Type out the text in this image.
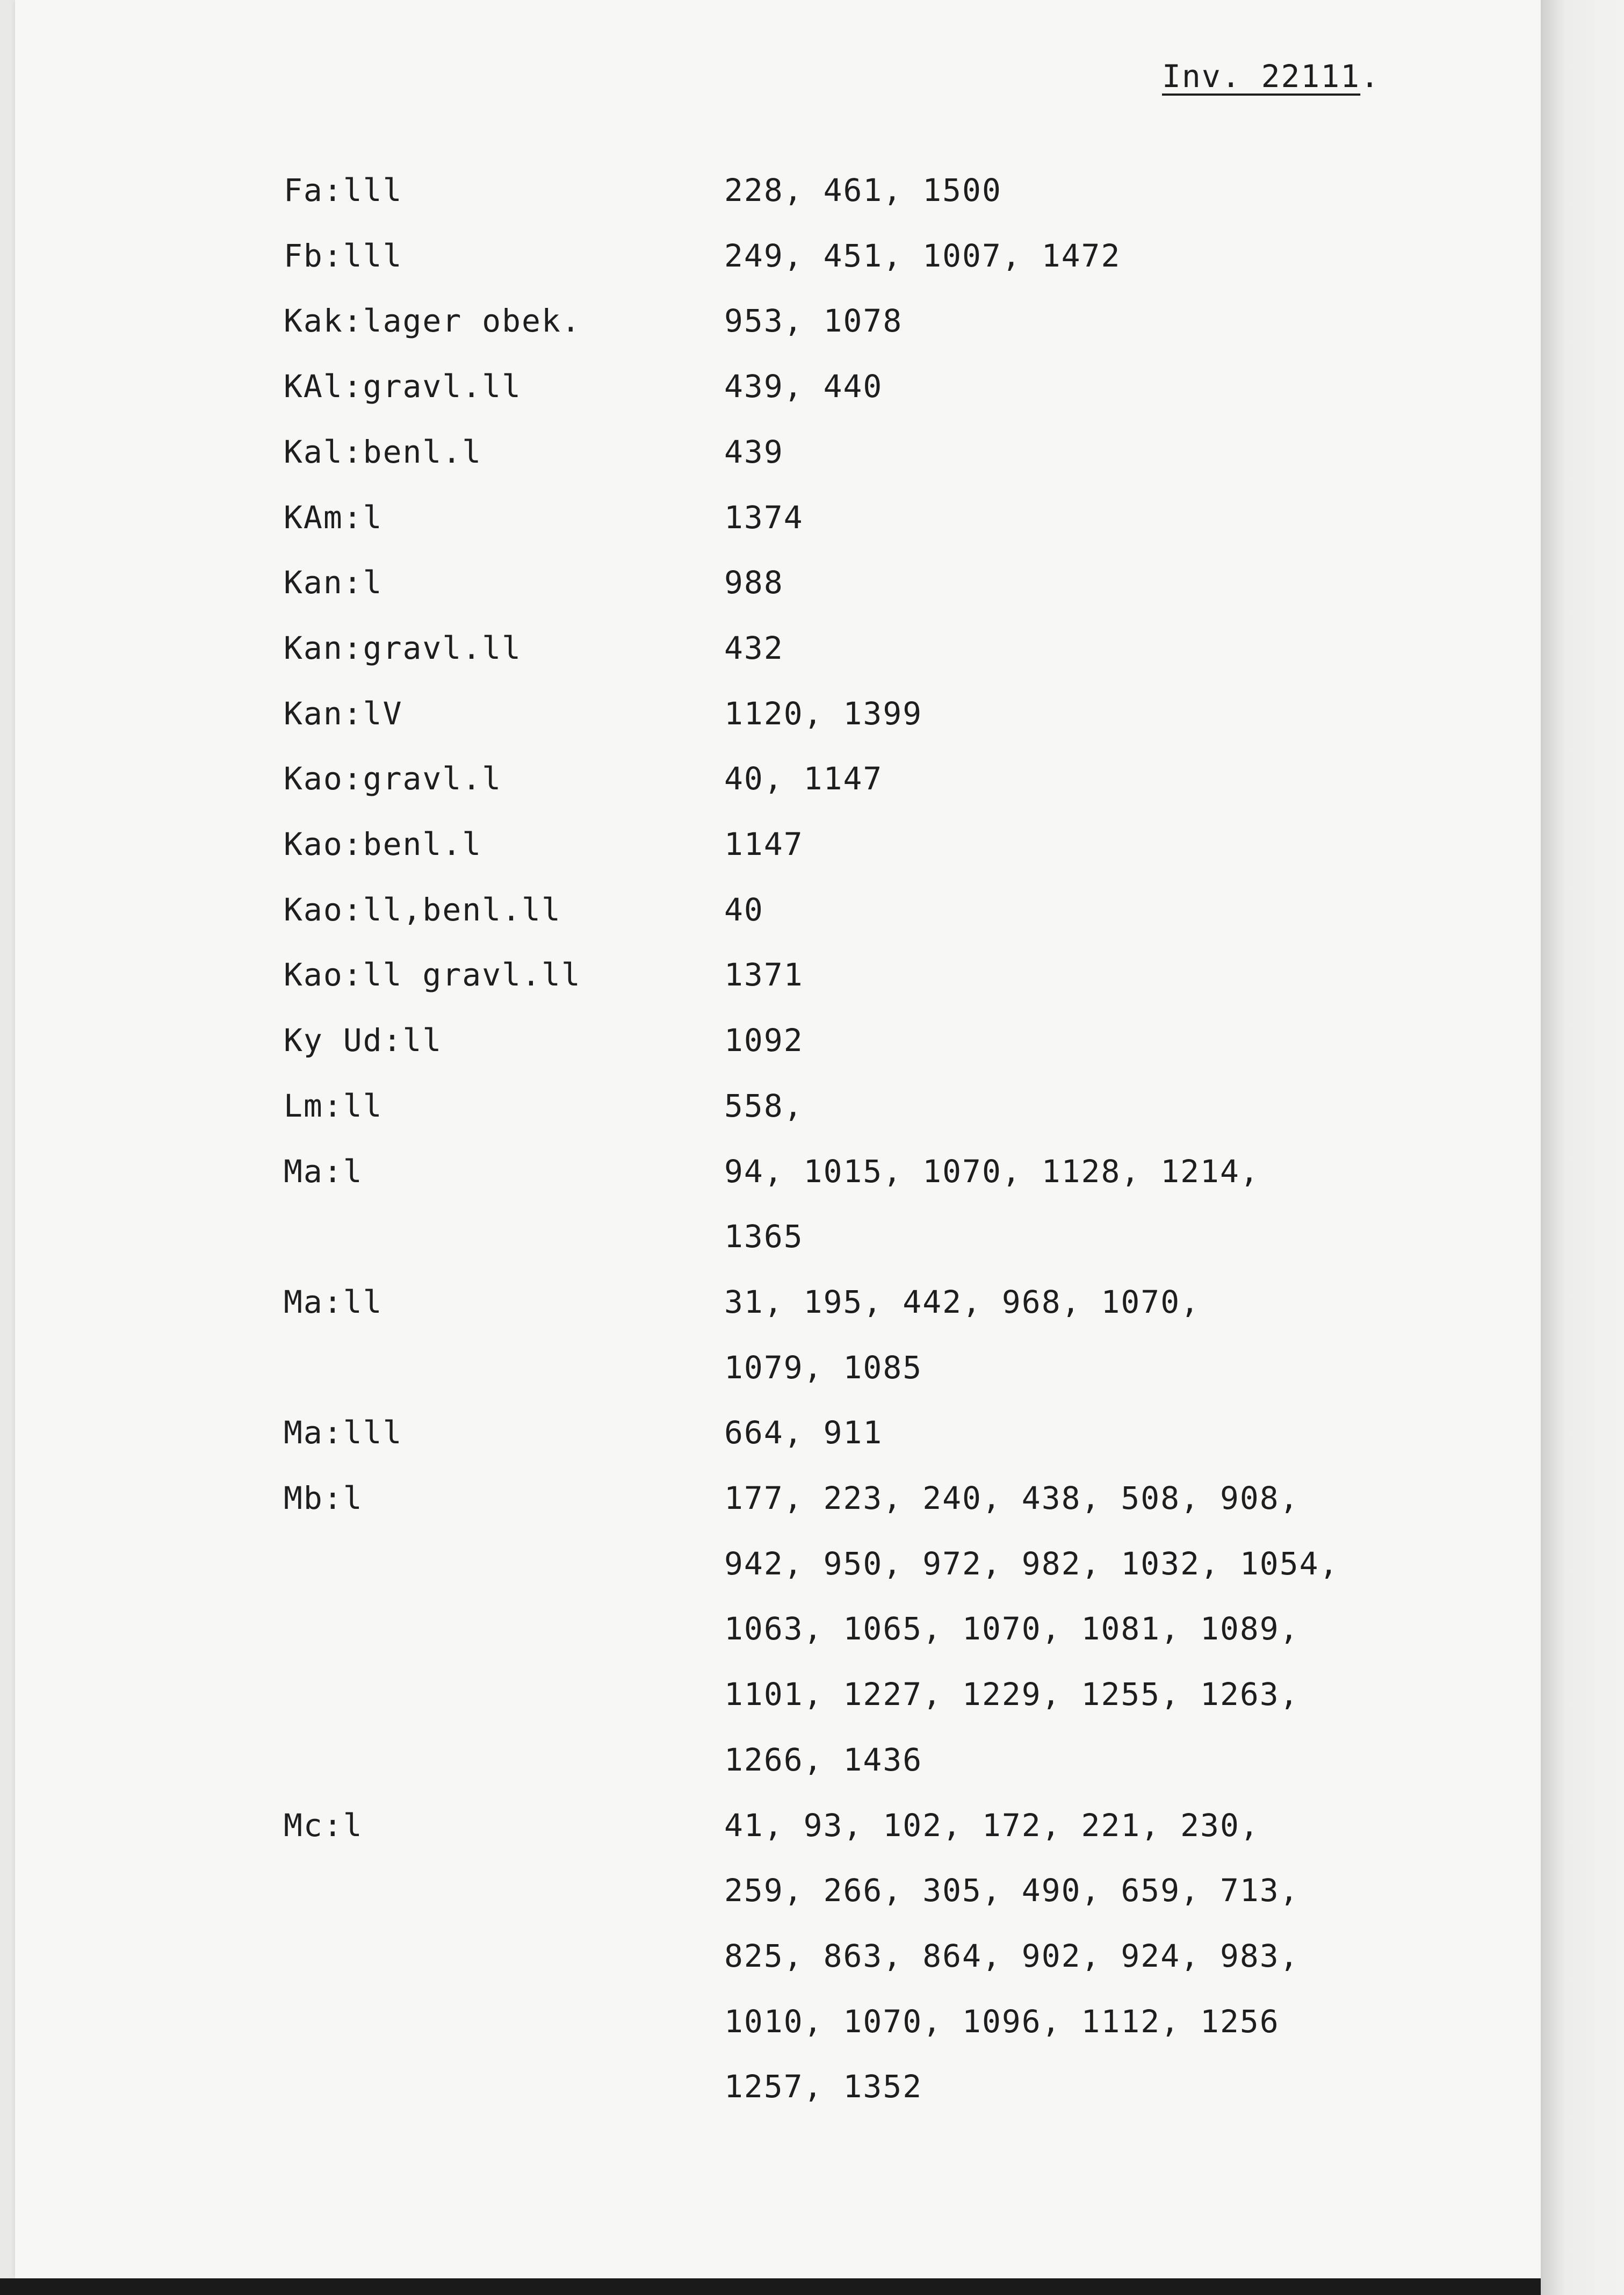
Inv. 22111.
Fa:lll	228, 461, 1500
Fb:lll	249, 451, 1007, 1472
Kak:lager obek.	953, 1078
KAl:gravl.ll	439, 440
Kal:benl.l	439
KAm:l	1374
Kan:l	988
Kan:gravl.ll	432
Kan:lV	1120, 1399
Kao:gravl.l	40, 1147
Kao:benl.l	1147
Kao:ll,benl.ll	40
Kao:ll gravl.ll	1371
Ky Ud:ll	1092
Lm:ll	558,
Ma:l	94, 1015, 1070, 1128, 1214,
1365
Ma:ll	31, 195, 442, 968, 1070,
1079, 1085
Ma:lll	664, 911
Mb:l	177, 223, 240, 438, 508, 908,
942, 950, 972, 982, 1032, 1054,
1063, 1065, 1070, 1081, 1089,
1101, 1227, 1229, 1255, 1263,
1266, 1436
Mc:l	41, 93, 102, 172, 221, 230,
259, 266, 305, 490, 659, 713,
825, 863, 864, 902, 924, 983,
1010, 1070, 1096, 1112, 1256
1257, 1352
